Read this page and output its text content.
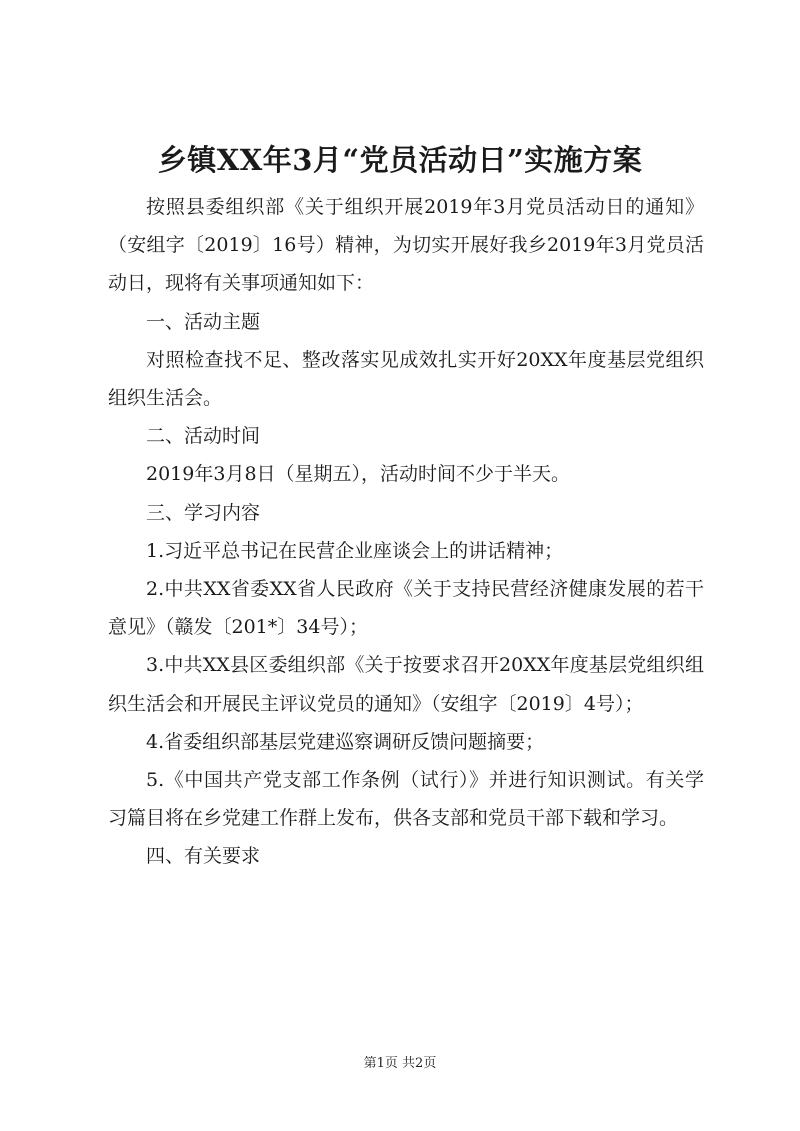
乡镇XX年3月“党员活动日”实施方案

按照县委组织部《关于组织开展2019年3月党员活动日的通知》（安组字〔2019〕16号）精神，为切实开展好我乡2019年3月党员活动日，现将有关事项通知如下：

一、活动主题

对照检查找不足、整改落实见成效扎实开好20XX年度基层党组织组织生活会。

二、活动时间

2019年3月8日（星期五），活动时间不少于半天。

三、学习内容

1.习近平总书记在民营企业座谈会上的讲话精神；

2.中共XX省委XX省人民政府《关于支持民营经济健康发展的若干意见》（赣发〔201*〕34号）；

3.中共XX县区委组织部《关于按要求召开20XX年度基层党组织组织生活会和开展民主评议党员的通知》（安组字〔2019〕4号）；

4.省委组织部基层党建巡察调研反馈问题摘要；

5.《中国共产党支部工作条例（试行）》并进行知识测试。有关学习篇目将在乡党建工作群上发布，供各支部和党员干部下载和学习。

四、有关要求

第1页 共2页
